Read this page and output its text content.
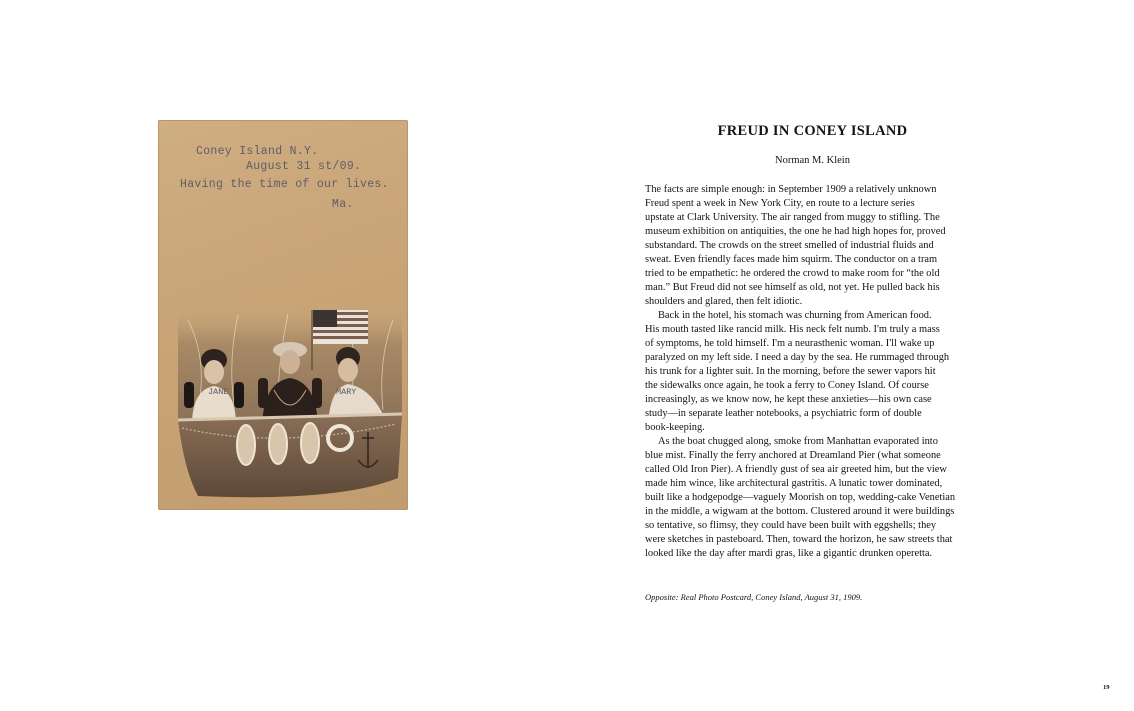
Coney Island N.Y.
August 31 st/09.
Having the time of our lives.
Ma.
JANE	MARY
FREUD IN CONEY ISLAND

Norman M. Klein

The facts are simple enough: in September 1909 a relatively unknown
Freud spent a week in New York City, en route to a lecture series
upstate at Clark University. The air ranged from muggy to stifling. The
museum exhibition on antiquities, the one he had high hopes for, proved
substandard. The crowds on the street smelled of industrial fluids and
sweat. Even friendly faces made him squirm. The conductor on a tram
tried to be empathetic: he ordered the crowd to make room for “the old
man.” But Freud did not see himself as old, not yet. He pulled back his
shoulders and glared, then felt idiotic.
Back in the hotel, his stomach was churning from American food.
His mouth tasted like rancid milk. His neck felt numb. I'm truly a mass
of symptoms, he told himself. I'm a neurasthenic woman. I'll wake up
paralyzed on my left side. I need a day by the sea. He rummaged through
his trunk for a lighter suit. In the morning, before the sewer vapors hit
the sidewalks once again, he took a ferry to Coney Island. Of course
increasingly, as we know now, he kept these anxieties—his own case
study—in separate leather notebooks, a psychiatric form of double
book-keeping.
As the boat chugged along, smoke from Manhattan evaporated into
blue mist. Finally the ferry anchored at Dreamland Pier (what someone
called Old Iron Pier). A friendly gust of sea air greeted him, but the view
made him wince, like architectural gastritis. A lunatic tower dominated,
built like a hodgepodge—vaguely Moorish on top, wedding-cake Venetian
in the middle, a wigwam at the bottom. Clustered around it were buildings
so tentative, so flimsy, they could have been built with eggshells; they
were sketches in pasteboard. Then, toward the horizon, he saw streets that
looked like the day after mardi gras, like a gigantic drunken operetta.
Opposite: Real Photo Postcard, Coney Island, August 31, 1909.
19
